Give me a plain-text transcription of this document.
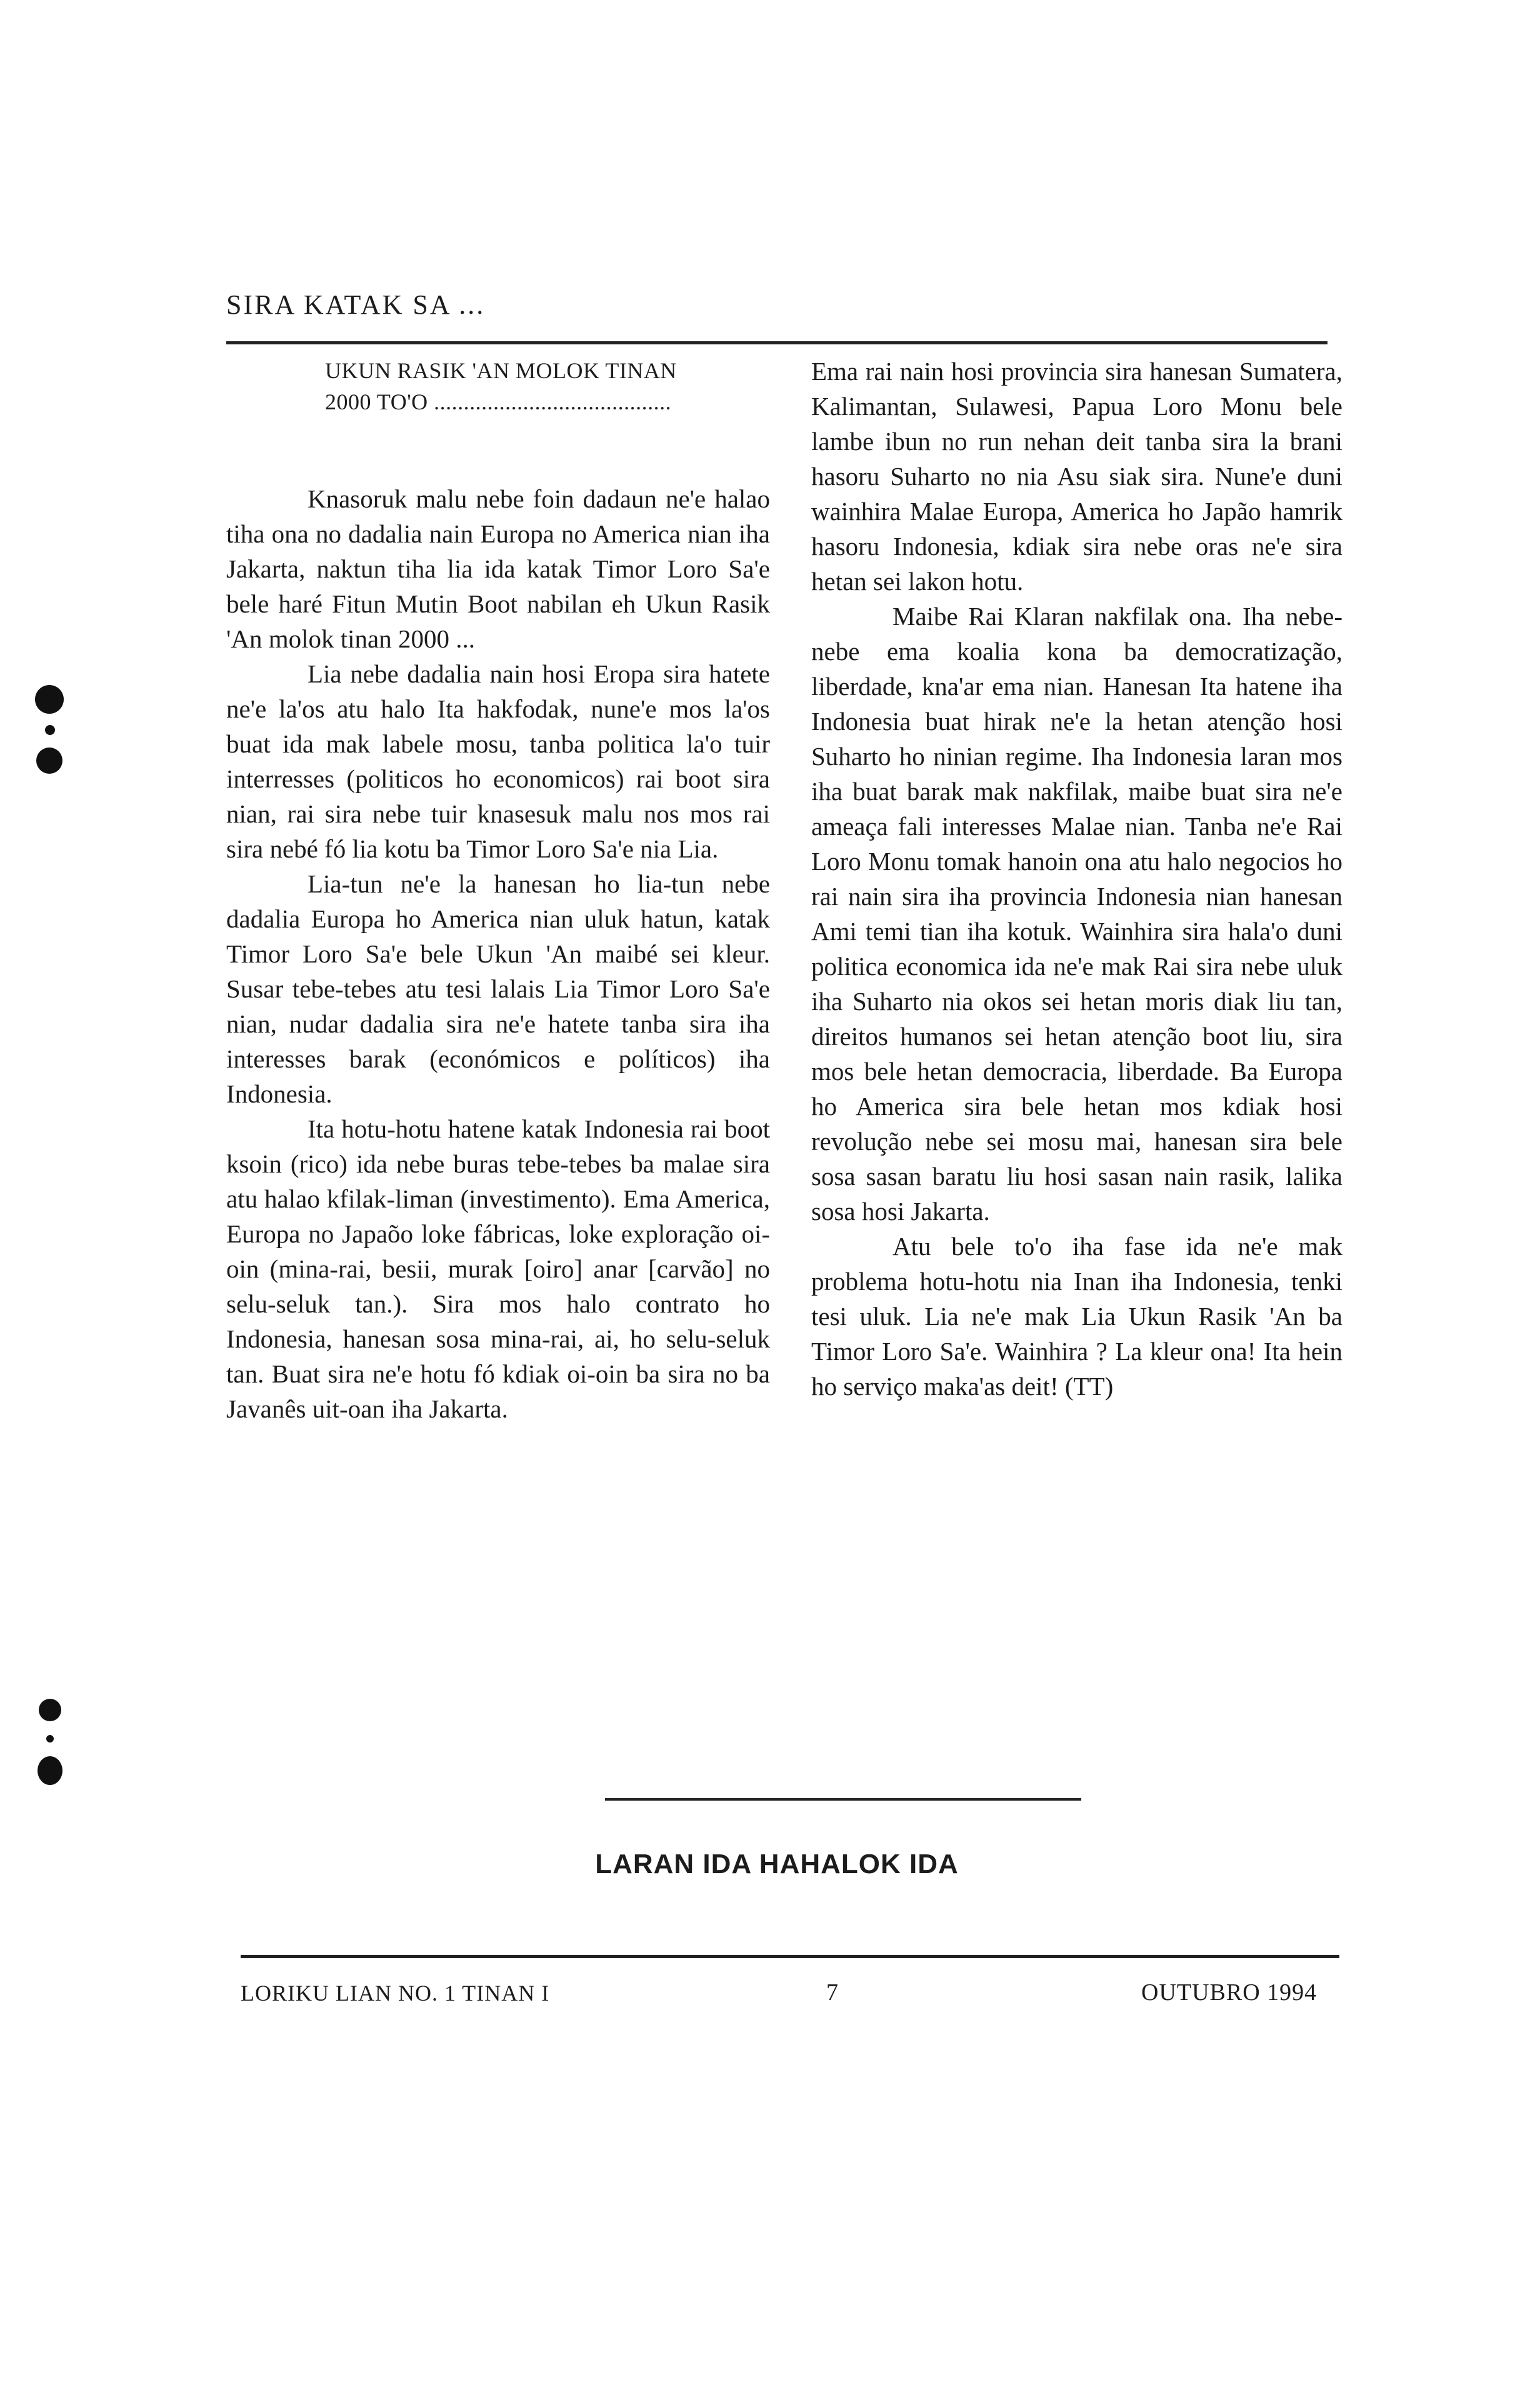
SIRA KATAK SA ...
UKUN RASIK 'AN MOLOK TINAN
2000 TO'O ........................................

Knasoruk malu nebe foin dadaun ne'e halao tiha ona no dadalia nain Europa no America nian iha Jakarta, naktun tiha lia ida katak Timor Loro Sa'e bele haré Fitun Mutin Boot nabilan eh Ukun Rasik 'An molok tinan 2000 ...

Lia nebe dadalia nain hosi Eropa sira hatete ne'e la'os atu halo Ita hakfodak, nune'e mos la'os buat ida mak labele mosu, tanba politica la'o tuir interresses (politicos ho economicos) rai boot sira nian, rai sira nebe tuir knasesuk malu nos mos rai sira nebé fó lia kotu ba Timor Loro Sa'e nia Lia.

Lia-tun ne'e la hanesan ho lia-tun nebe dadalia Europa ho America nian uluk hatun, katak Timor Loro Sa'e bele Ukun 'An maibé sei kleur. Susar tebe-tebes atu tesi lalais Lia Timor Loro Sa'e nian, nudar dadalia sira ne'e hatete tanba sira iha interesses barak (económicos e políticos) iha Indonesia.

Ita hotu-hotu hatene katak Indonesia rai boot ksoin (rico) ida nebe buras tebe-tebes ba malae sira atu halao kfilak-liman (investimento). Ema America, Europa no Japaõo loke fábricas, loke exploração oi-oin (mina-rai, besii, murak [oiro] anar [carvão] no selu-seluk tan.). Sira mos halo contrato ho Indonesia, hanesan sosa mina-rai, ai, ho selu-seluk tan. Buat sira ne'e hotu fó kdiak oi-oin ba sira no ba Javanês uit-oan iha Jakarta.

Ema rai nain hosi provincia sira hanesan Sumatera, Kalimantan, Sulawesi, Papua Loro Monu bele lambe ibun no run nehan deit tanba sira la brani hasoru Suharto no nia Asu siak sira. Nune'e duni wainhira Malae Europa, America ho Japão hamrik hasoru Indonesia, kdiak sira nebe oras ne'e sira hetan sei lakon hotu.

Maibe Rai Klaran nakfilak ona. Iha nebe-nebe ema koalia kona ba democratização, liberdade, kna'ar ema nian. Hanesan Ita hatene iha Indonesia buat hirak ne'e la hetan atenção hosi Suharto ho ninian regime. Iha Indonesia laran mos iha buat barak mak nakfilak, maibe buat sira ne'e ameaça fali interesses Malae nian. Tanba ne'e Rai Loro Monu tomak hanoin ona atu halo negocios ho rai nain sira iha provincia Indonesia nian hanesan Ami temi tian iha kotuk. Wainhira sira hala'o duni politica economica ida ne'e mak Rai sira nebe uluk iha Suharto nia okos sei hetan moris diak liu tan, direitos humanos sei hetan atenção boot liu, sira mos bele hetan democracia, liberdade. Ba Europa ho America sira bele hetan mos kdiak hosi revolução nebe sei mosu mai, hanesan sira bele sosa sasan baratu liu hosi sasan nain rasik, lalika sosa hosi Jakarta.

Atu bele to'o iha fase ida ne'e mak problema hotu-hotu nia Inan iha Indonesia, tenki tesi uluk. Lia ne'e mak Lia Ukun Rasik 'An ba Timor Loro Sa'e. Wainhira ? La kleur ona! Ita hein ho serviço maka'as deit! (TT)

LARAN IDA HAHALOK IDA
LORIKU LIAN NO. 1 TINAN I	7	OUTUBRO 1994
